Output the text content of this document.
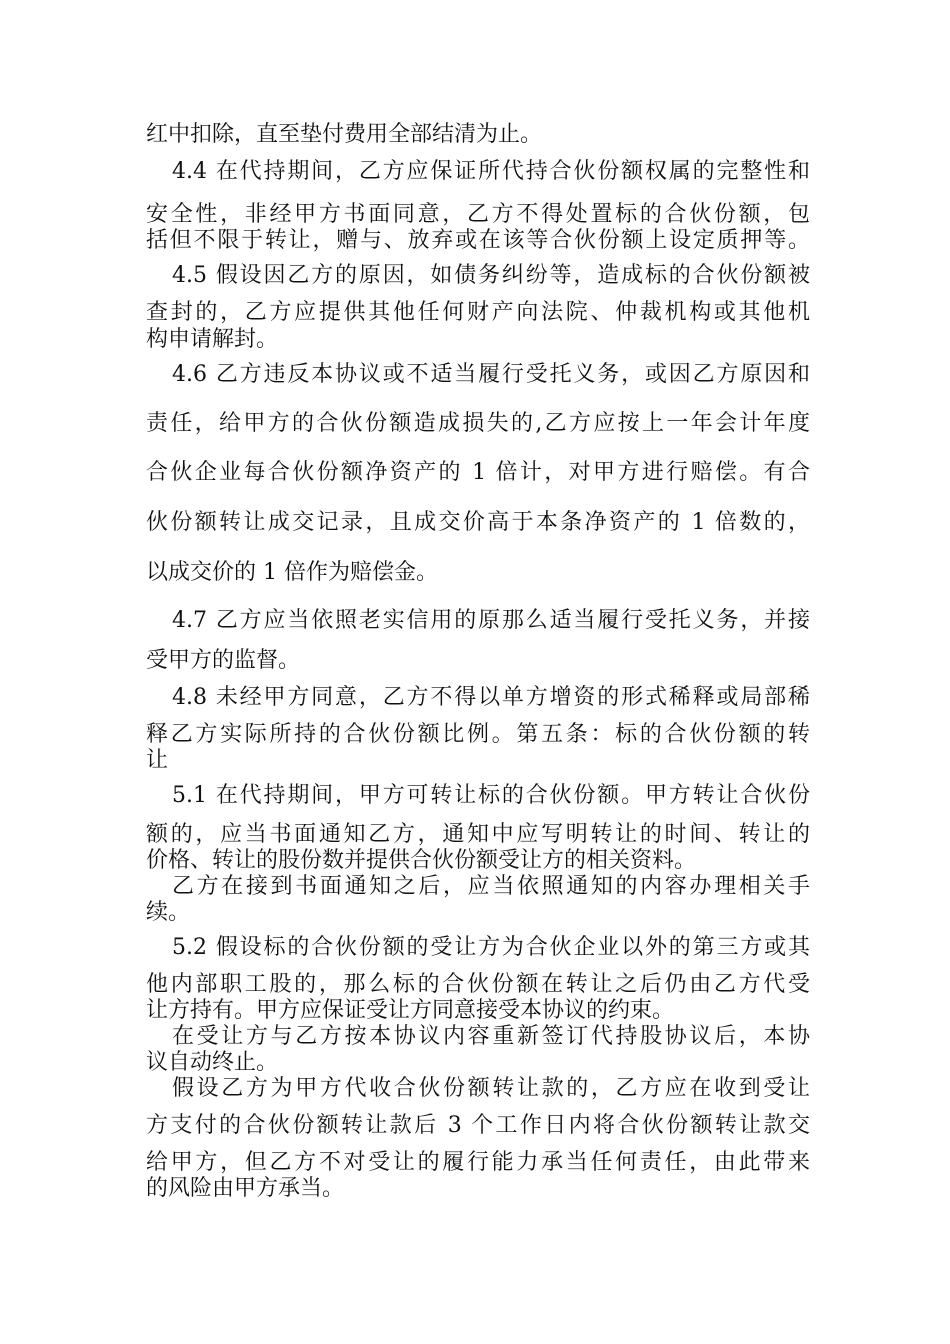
红中扣除，直至垫付费用全部结清为止。
4.4 在代持期间，乙方应保证所代持合伙份额权属的完整性和
安全性，非经甲方书面同意，乙方不得处置标的合伙份额，包
括但不限于转让，赠与、放弃或在该等合伙份额上设定质押等。
4.5 假设因乙方的原因，如债务纠纷等，造成标的合伙份额被
查封的，乙方应提供其他任何财产向法院、仲裁机构或其他机
构申请解封。
4.6 乙方违反本协议或不适当履行受托义务，或因乙方原因和
责任，给甲方的合伙份额造成损失的,乙方应按上一年会计年度
合伙企业每合伙份额净资产的 1 倍计，对甲方进行赔偿。有合
伙份额转让成交记录，且成交价高于本条净资产的 1 倍数的，
以成交价的 1 倍作为赔偿金。
4.7 乙方应当依照老实信用的原那么适当履行受托义务，并接
受甲方的监督。
4.8 未经甲方同意，乙方不得以单方增资的形式稀释或局部稀
释乙方实际所持的合伙份额比例。第五条：标的合伙份额的转
让
5.1 在代持期间，甲方可转让标的合伙份额。甲方转让合伙份
额的，应当书面通知乙方，通知中应写明转让的时间、转让的
价格、转让的股份数并提供合伙份额受让方的相关资料。
乙方在接到书面通知之后，应当依照通知的内容办理相关手
续。
5.2 假设标的合伙份额的受让方为合伙企业以外的第三方或其
他内部职工股的，那么标的合伙份额在转让之后仍由乙方代受
让方持有。甲方应保证受让方同意接受本协议的约束。
在受让方与乙方按本协议内容重新签订代持股协议后，本协
议自动终止。
假设乙方为甲方代收合伙份额转让款的，乙方应在收到受让
方支付的合伙份额转让款后 3 个工作日内将合伙份额转让款交
给甲方，但乙方不对受让的履行能力承当任何责任，由此带来
的风险由甲方承当。
